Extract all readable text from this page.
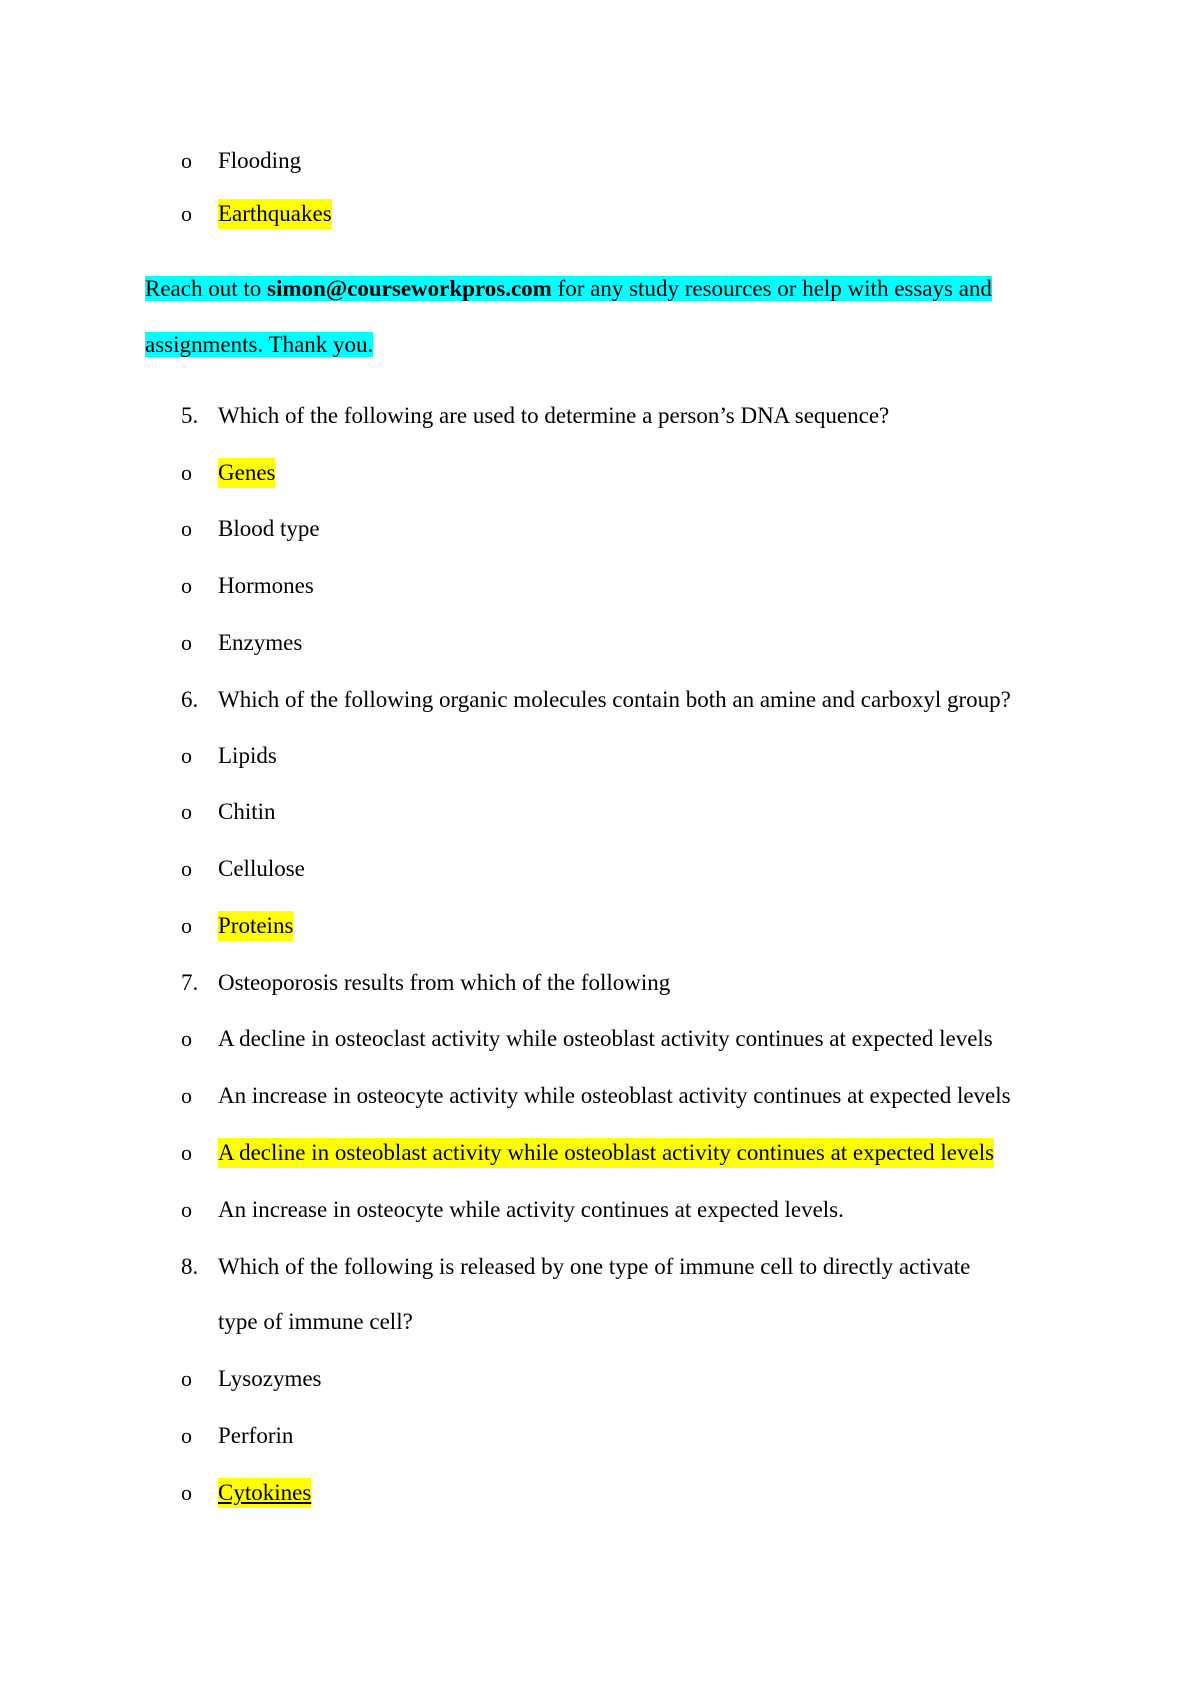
o Flooding
o Earthquakes
Reach out to simon@courseworkpros.com for any study resources or help with essays and
assignments. Thank you.
5. Which of the following are used to determine a person’s DNA sequence?
o Genes
o Blood type
o Hormones
o Enzymes
6. Which of the following organic molecules contain both an amine and carboxyl group?
o Lipids
o Chitin
o Cellulose
o Proteins
7. Osteoporosis results from which of the following
o A decline in osteoclast activity while osteoblast activity continues at expected levels
o An increase in osteocyte activity while osteoblast activity continues at expected levels
o A decline in osteoblast activity while osteoblast activity continues at expected levels
o An increase in osteocyte while activity continues at expected levels.
8. Which of the following is released by one type of immune cell to directly activate
type of immune cell?
o Lysozymes
o Perforin
o Cytokines
